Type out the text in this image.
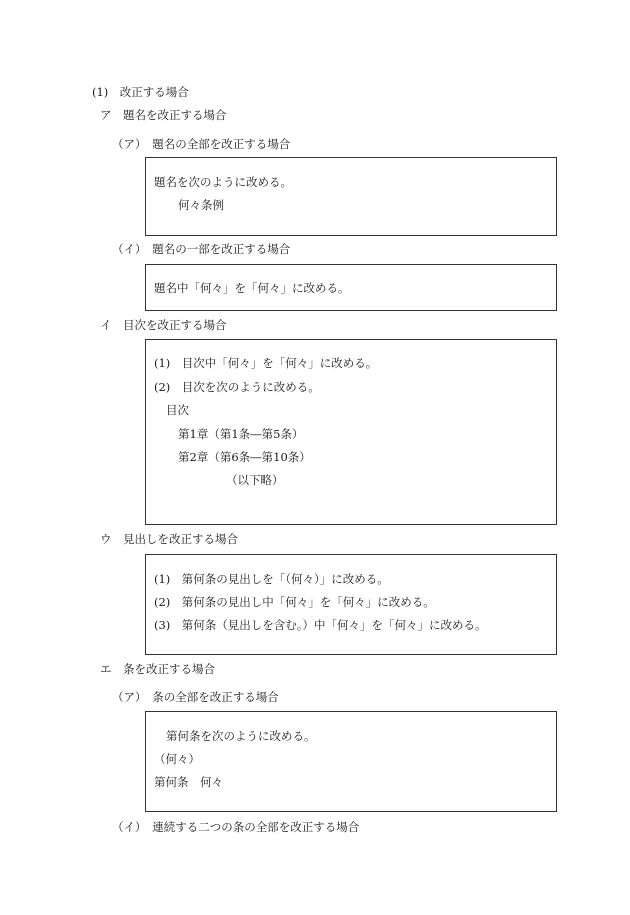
(1)　改正する場合
ア　題名を改正する場合
（ア）　題名の全部を改正する場合
題名を次のように改める。
何々条例
（イ）　題名の一部を改正する場合
題名中「何々」を「何々」に改める。
イ　目次を改正する場合
(1)　目次中「何々」を「何々」に改める。
(2)　目次を次のように改める。
目次
第1章（第1条―第5条）
第2章（第6条―第10条）
（以下略）
ウ　見出しを改正する場合
(1)　第何条の見出しを「（何々）」に改める。
(2)　第何条の見出し中「何々」を「何々」に改める。
(3)　第何条（見出しを含む。）中「何々」を「何々」に改める。
エ　条を改正する場合
（ア）　条の全部を改正する場合
第何条を次のように改める。
（何々）
第何条　何々
（イ）　連続する二つの条の全部を改正する場合
